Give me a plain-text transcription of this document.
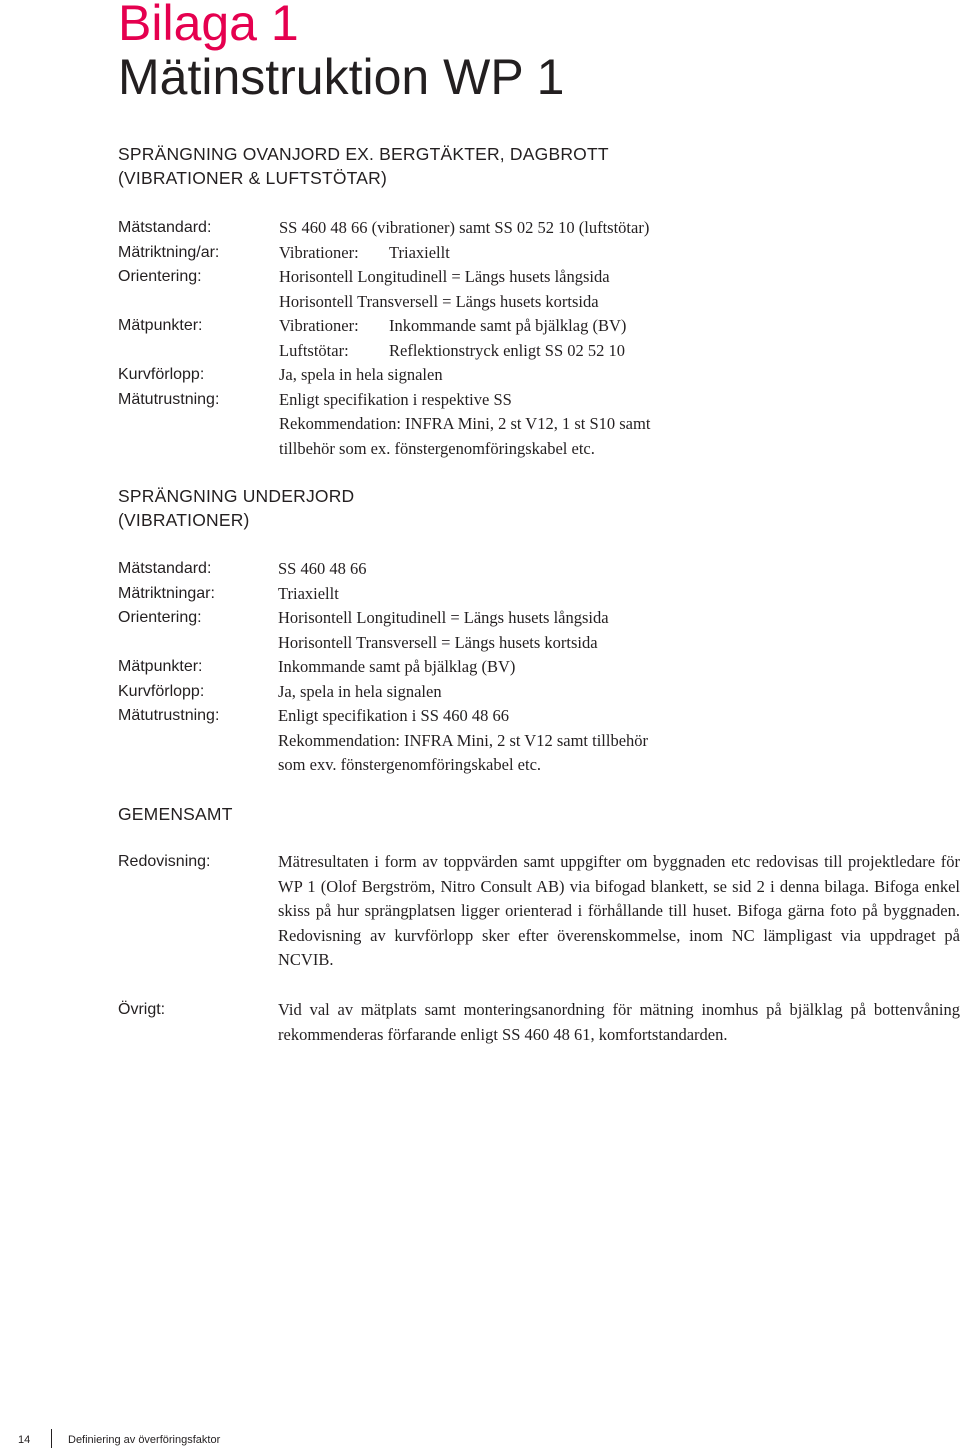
Bilaga 1
Mätinstruktion WP 1
SPRÄNGNING OVANJORD EX. BERGTÄKTER, DAGBROTT
(VIBRATIONER & LUFTSTÖTAR)
Mätstandard:	SS 460 48 66 (vibrationer) samt SS 02 52 10 (luftstötar)
Mätriktning/ar:	Vibrationer: Triaxiellt
Orientering:	Horisontell Longitudinell = Längs husets långsida
Horisontell Transversell = Längs husets kortsida
Mätpunkter:	Vibrationer: Inkommande samt på bjälklag (BV)
Luftstötar: Reflektionstryck enligt SS 02 52 10
Kurvförlopp:	Ja, spela in hela signalen
Mätutrustning:	Enligt specifikation i respektive SS
Rekommendation: INFRA Mini, 2 st V12, 1 st S10 samt
tillbehör som ex. fönstergenomföringskabel etc.
SPRÄNGNING UNDERJORD
(VIBRATIONER)
Mätstandard:	SS 460 48 66
Mätriktningar:	Triaxiellt
Orientering:	Horisontell Longitudinell = Längs husets långsida
Horisontell Transversell = Längs husets kortsida
Mätpunkter:	Inkommande samt på bjälklag (BV)
Kurvförlopp:	Ja, spela in hela signalen
Mätutrustning:	Enligt specifikation i SS 460 48 66
Rekommendation: INFRA Mini, 2 st V12 samt tillbehör
som exv. fönstergenomföringskabel etc.
GEMENSAMT

Redovisning:	Mätresultaten i form av toppvärden samt uppgifter om byggnaden etc redovisas till projektledare för WP 1 (Olof Bergström, Nitro Consult AB) via bifogad blankett, se sid 2 i denna bilaga. Bifoga enkel skiss på hur sprängplatsen ligger orienterad i förhållande till huset. Bifoga gärna foto på byggnaden. Redovisning av kurvförlopp sker efter överenskommelse, inom NC lämpligast via uppdraget på NCVIB.

Övrigt:	Vid val av mätplats samt monteringsanordning för mätning inomhus på bjälklag på bottenvåning rekommenderas förfarande enligt SS 460 48 61, komfortstandarden.

14	Definiering av överföringsfaktor
